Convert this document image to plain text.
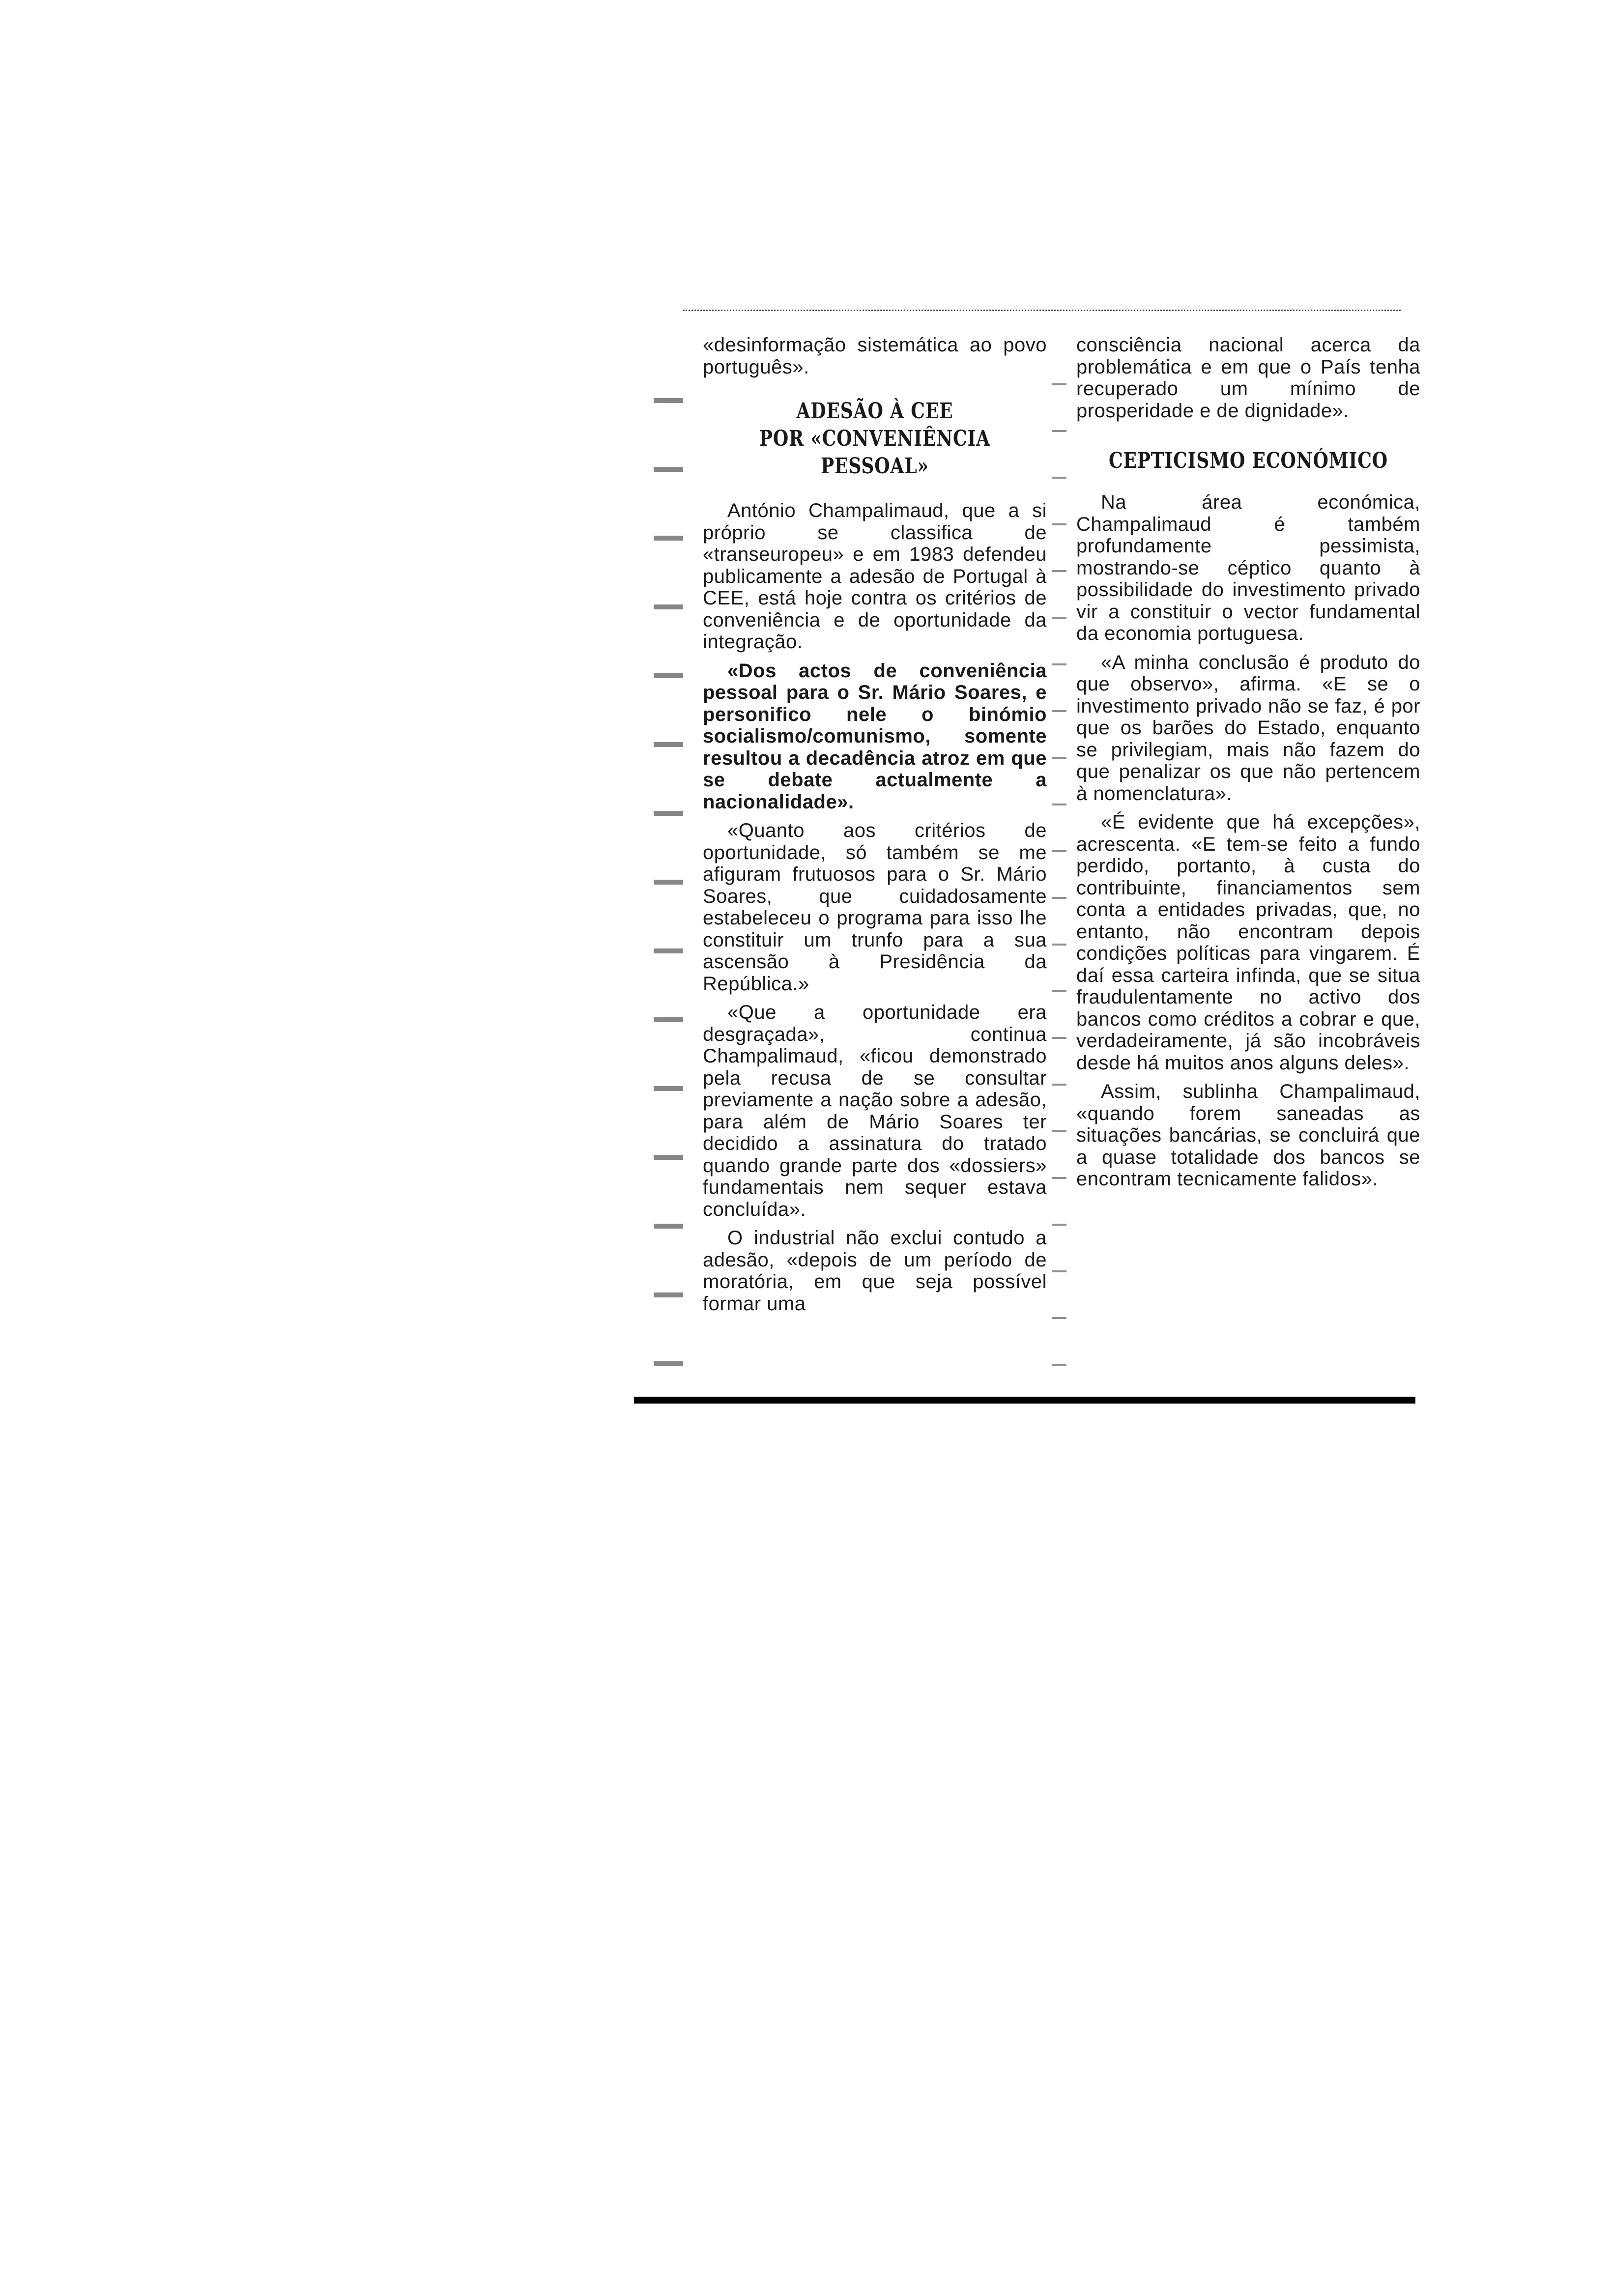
«desinformação sistemática ao povo português».

ADESÃO À CEE
POR «CONVENIÊNCIA
PESSOAL»

António Champalimaud, que a si próprio se classifica de «transeuropeu» e em 1983 defendeu publicamente a adesão de Portugal à CEE, está hoje contra os critérios de conveniência e de oportunidade da integração.

«Dos actos de conveniência pessoal para o Sr. Mário Soares, e personifico nele o binómio socialismo/comunismo, somente resultou a decadência atroz em que se debate actualmente a nacionalidade».

«Quanto aos critérios de oportunidade, só também se me afiguram frutuosos para o Sr. Mário Soares, que cuidadosamente estabeleceu o programa para isso lhe constituir um trunfo para a sua ascensão à Presidência da República.»

«Que a oportunidade era desgraçada», continua Champalimaud, «ficou demonstrado pela recusa de se consultar previamente a nação sobre a adesão, para além de Mário Soares ter decidido a assinatura do tratado quando grande parte dos «dossiers» fundamentais nem sequer estava concluída».

O industrial não exclui contudo a adesão, «depois de um período de moratória, em que seja possível formar uma

consciência nacional acerca da problemática e em que o País tenha recuperado um mínimo de prosperidade e de dignidade».

CEPTICISMO ECONÓMICO

Na área económica, Champalimaud é também profundamente pessimista, mostrando-se céptico quanto à possibilidade do investimento privado vir a constituir o vector fundamental da economia portuguesa.

«A minha conclusão é produto do que observo», afirma. «E se o investimento privado não se faz, é por que os barões do Estado, enquanto se privilegiam, mais não fazem do que penalizar os que não pertencem à nomenclatura».

«É evidente que há excepções», acrescenta. «E tem-se feito a fundo perdido, portanto, à custa do contribuinte, financiamentos sem conta a entidades privadas, que, no entanto, não encontram depois condições políticas para vingarem. É daí essa carteira infinda, que se situa fraudulentamente no activo dos bancos como créditos a cobrar e que, verdadeiramente, já são incobráveis desde há muitos anos alguns deles».

Assim, sublinha Champalimaud, «quando forem saneadas as situações bancárias, se concluirá que a quase totalidade dos bancos se encontram tecnicamente falidos».
